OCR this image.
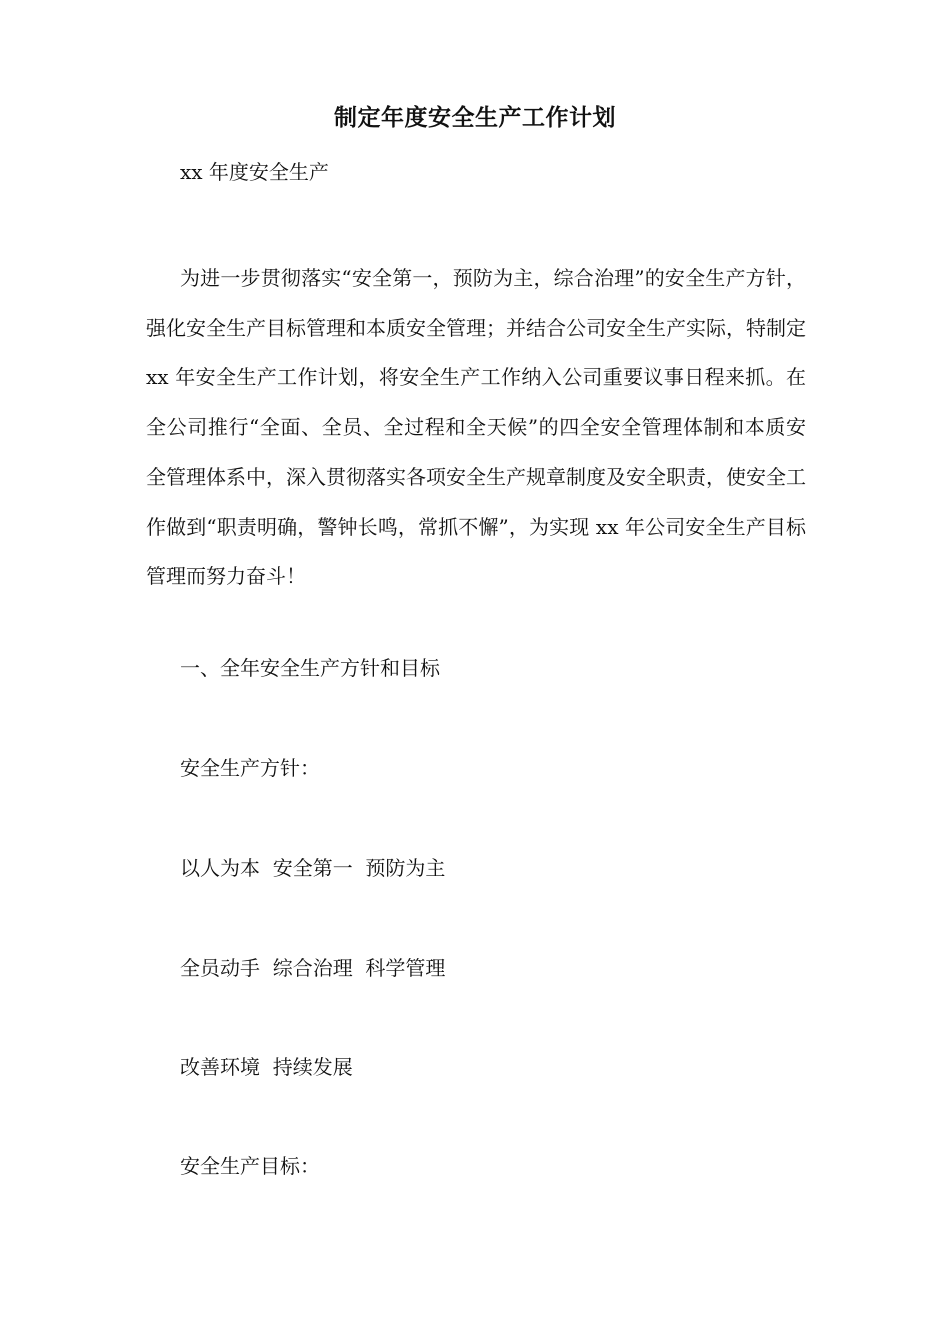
制定年度安全生产工作计划
xx 年度安全生产

为进一步贯彻落实“安全第一，预防为主，综合治理”的安全生产方针，强化安全生产目标管理和本质安全管理；并结合公司安全生产实际，特制定 xx 年安全生产工作计划，将安全生产工作纳入公司重要议事日程来抓。在全公司推行“全面、全员、全过程和全天候”的四全安全管理体制和本质安全管理体系中，深入贯彻落实各项安全生产规章制度及安全职责，使安全工作做到“职责明确，警钟长鸣，常抓不懈”，为实现 xx 年公司安全生产目标管理而努力奋斗！

一、全年安全生产方针和目标
安全生产方针：
以人为本  安全第一  预防为主
全员动手  综合治理  科学管理
改善环境  持续发展
安全生产目标：
